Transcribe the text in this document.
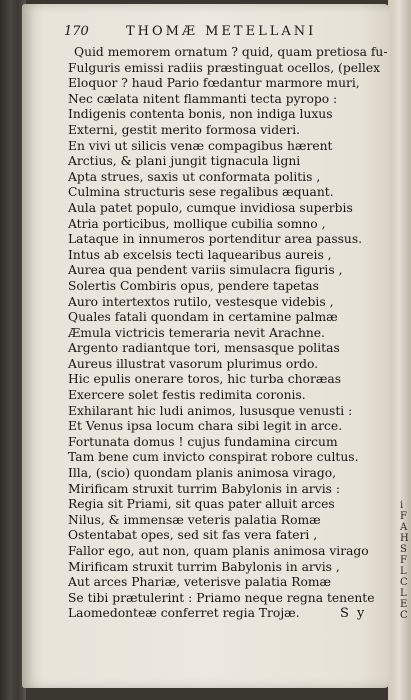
i
F
A
H
S
F
L
C
L
E
C
170	THOMÆ METELLANI
Quid memorem ornatum ? quid, quam pretiosa fu-
Fulguris emissi radiis præstinguat ocellos, (pellex
Eloquor ? haud Pario fœdantur marmore muri,
Nec cælata nitent flammanti tecta pyropo :
Indigenis contenta bonis, non indiga luxus
Externi, gestit merito formosa videri.
En vivi ut silicis venæ compagibus hærent
Arctius, & plani jungit tignacula ligni
Apta strues, saxis ut conformata politis ,
Culmina structuris sese regalibus æquant.
Aula patet populo, cumque invidiosa superbis
Atria porticibus, mollique cubilia somno ,
Lataque in innumeros portenditur area passus.
Intus ab excelsis tecti laquearibus aureis ,
Aurea qua pendent variis simulacra figuris ,
Solertis Combiris opus, pendere tapetas
Auro intertextos rutilo, vestesque videbis ,
Quales fatali quondam in certamine palmæ
Æmula victricis temeraria nevit Arachne.
Argento radiantque tori, mensasque politas
Aureus illustrat vasorum plurimus ordo.
Hic epulis onerare toros, hic turba choræas
Exercere solet festis redimita coronis.
Exhilarant hic ludi animos, lususque venusti :
Et Venus ipsa locum chara sibi legit in arce.
Fortunata domus ! cujus fundamina circum
Tam bene cum invicto conspirat robore cultus.
Illa, (scio) quondam planis animosa virago,
Mirificam struxit turrim Babylonis in arvis :
Regia sit Priami, sit quas pater alluit arces
Nilus, & immensæ veteris palatia Romæ
Ostentabat opes, sed sit fas vera fateri ,
Fallor ego, aut non, quam planis animosa virago
Mirificam struxit turrim Babylonis in arvis ,
Aut arces Phariæ, veterisve palatia Romæ
Se tibi prætulerint : Priamo neque regna tenente
Laomedonteæ conferret regia Trojæ.	S y
